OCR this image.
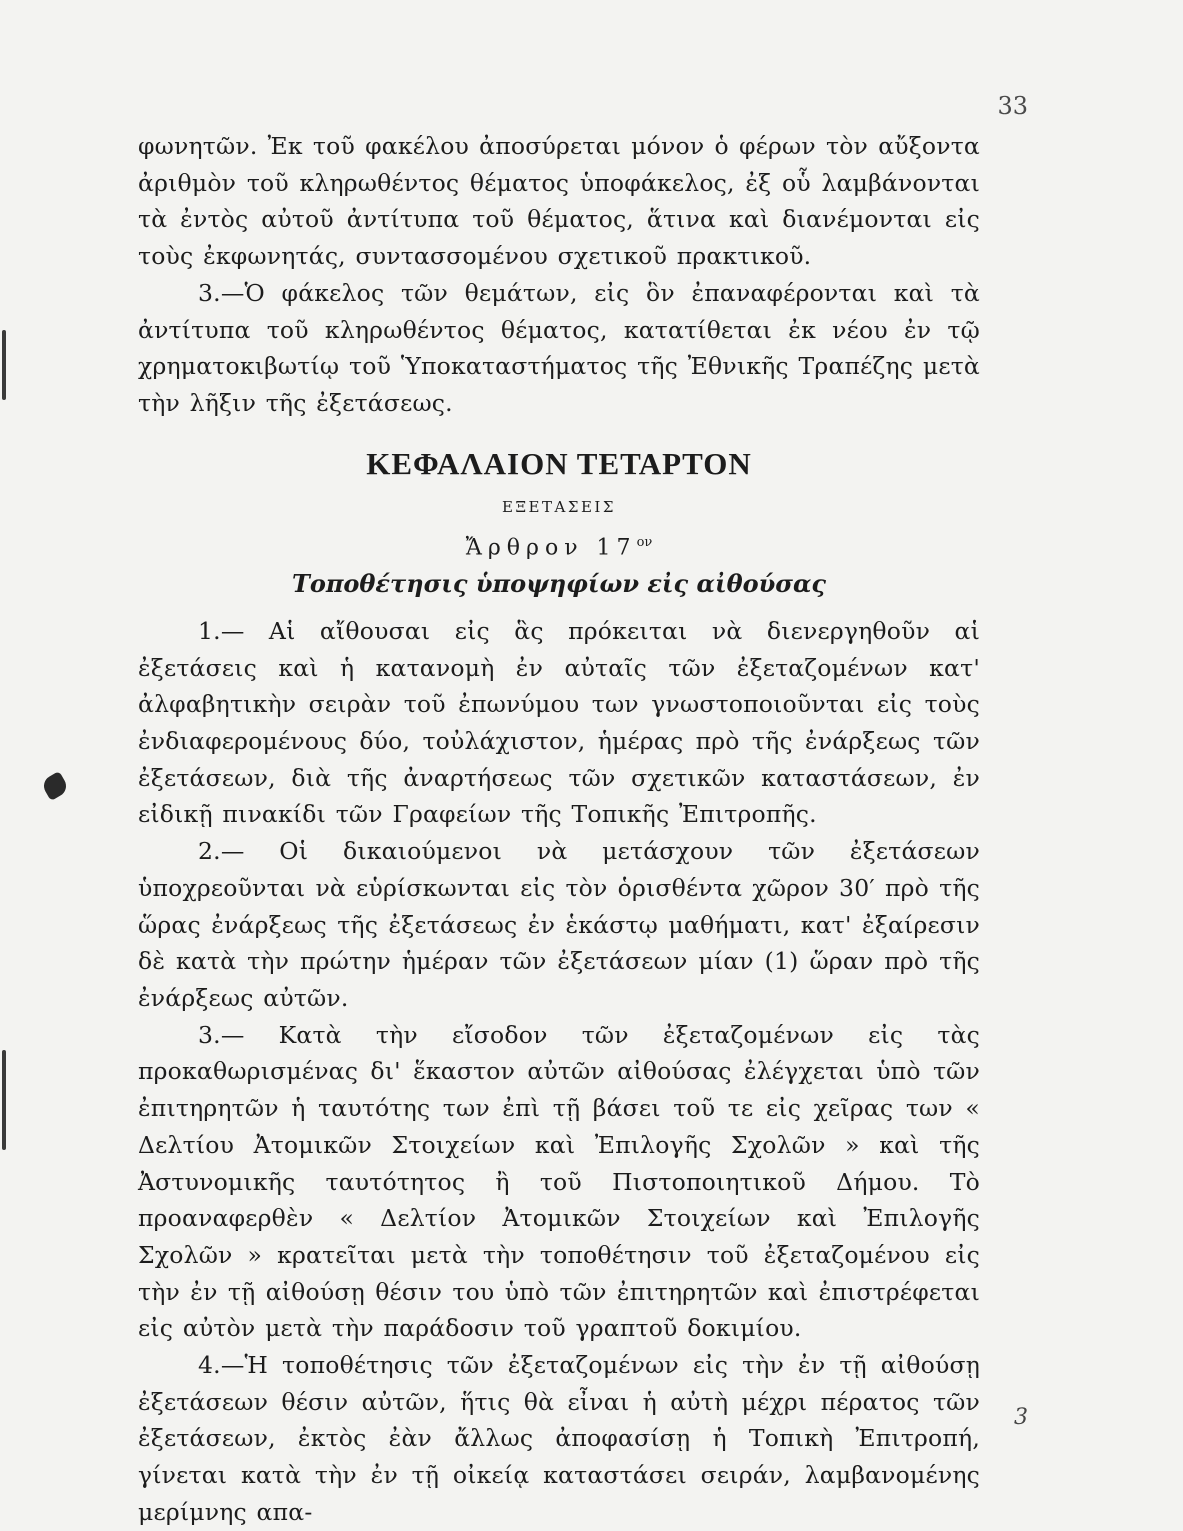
33

φωνητῶν. Ἐκ τοῦ φακέλου ἀποσύρεται μόνον ὁ φέρων τὸν αὔξοντα ἀριθμὸν τοῦ κληρωθέντος θέματος ὑποφάκελος, ἐξ οὗ λαμβάνονται τὰ ἐντὸς αὐτοῦ ἀντίτυπα τοῦ θέματος, ἅτινα καὶ διανέμονται εἰς τοὺς ἐκφωνητάς, συντασσομένου σχετικοῦ πρακτικοῦ.

3.—Ὁ φάκελος τῶν θεμάτων, εἰς ὃν ἐπαναφέρονται καὶ τὰ ἀντίτυπα τοῦ κληρωθέντος θέματος, κατατίθεται ἐκ νέου ἐν τῷ χρηματοκιβωτίῳ τοῦ Ὑποκαταστήματος τῆς Ἐθνικῆς Τραπέζης μετὰ τὴν λῆξιν τῆς ἐξετάσεως.

ΚΕΦΑΛΑΙΟΝ ΤΕΤΑΡΤΟΝ
ΕΞΕΤΑΣΕΙΣ
Ἄρθρον $17^{o\nu}$
Τοποθέτησις ὑποψηφίων εἰς αἰθούσας

1.— Αἱ αἴθουσαι εἰς ἃς πρόκειται νὰ διενεργηθοῦν αἱ ἐξετάσεις καὶ ἡ κατανομὴ ἐν αὐταῖς τῶν ἐξεταζομένων κατ' ἀλφαβητικὴν σειρὰν τοῦ ἐπωνύμου των γνωστοποιοῦνται εἰς τοὺς ἐνδιαφερομένους δύο, τοὐλάχιστον, ἡμέρας πρὸ τῆς ἐνάρξεως τῶν ἐξετάσεων, διὰ τῆς ἀναρτήσεως τῶν σχετικῶν καταστάσεων, ἐν εἰδικῇ πινακίδι τῶν Γραφείων τῆς Τοπικῆς Ἐπιτροπῆς.

2.— Οἱ δικαιούμενοι νὰ μετάσχουν τῶν ἐξετάσεων ὑποχρεοῦνται νὰ εὑρίσκωνται εἰς τὸν ὁρισθέντα χῶρον 30′ πρὸ τῆς ὥρας ἐνάρξεως τῆς ἐξετάσεως ἐν ἑκάστῳ μαθήματι, κατ' ἐξαίρεσιν δὲ κατὰ τὴν πρώτην ἡμέραν τῶν ἐξετάσεων μίαν (1) ὥραν πρὸ τῆς ἐνάρξεως αὐτῶν.

3.— Κατὰ τὴν εἴσοδον τῶν ἐξεταζομένων εἰς τὰς προκαθωρισμένας δι' ἕκαστον αὐτῶν αἰθούσας ἐλέγχεται ὑπὸ τῶν ἐπιτηρητῶν ἡ ταυτότης των ἐπὶ τῇ βάσει τοῦ τε εἰς χεῖρας των « Δελτίου Ἀτομικῶν Στοιχείων καὶ Ἐπιλογῆς Σχολῶν » καὶ τῆς Ἀστυνομικῆς ταυτότητος ἢ τοῦ Πιστοποιητικοῦ Δήμου. Τὸ προαναφερθὲν « Δελτίον Ἀτομικῶν Στοιχείων καὶ Ἐπιλογῆς Σχολῶν » κρατεῖται μετὰ τὴν τοποθέτησιν τοῦ ἐξεταζομένου εἰς τὴν ἐν τῇ αἰθούσῃ θέσιν του ὑπὸ τῶν ἐπιτηρητῶν καὶ ἐπιστρέφεται εἰς αὐτὸν μετὰ τὴν παράδοσιν τοῦ γραπτοῦ δοκιμίου.

4.—Ἡ τοποθέτησις τῶν ἐξεταζομένων εἰς τὴν ἐν τῇ αἰθούσῃ ἐξετάσεων θέσιν αὐτῶν, ἥτις θὰ εἶναι ἡ αὐτὴ μέχρι πέρατος τῶν ἐξετάσεων, ἐκτὸς ἐὰν ἄλλως ἀποφασίσῃ ἡ Τοπικὴ Ἐπιτροπή, γίνεται κατὰ τὴν ἐν τῇ οἰκείᾳ καταστάσει σειράν, λαμβανομένης μερίμνης απα-

3
